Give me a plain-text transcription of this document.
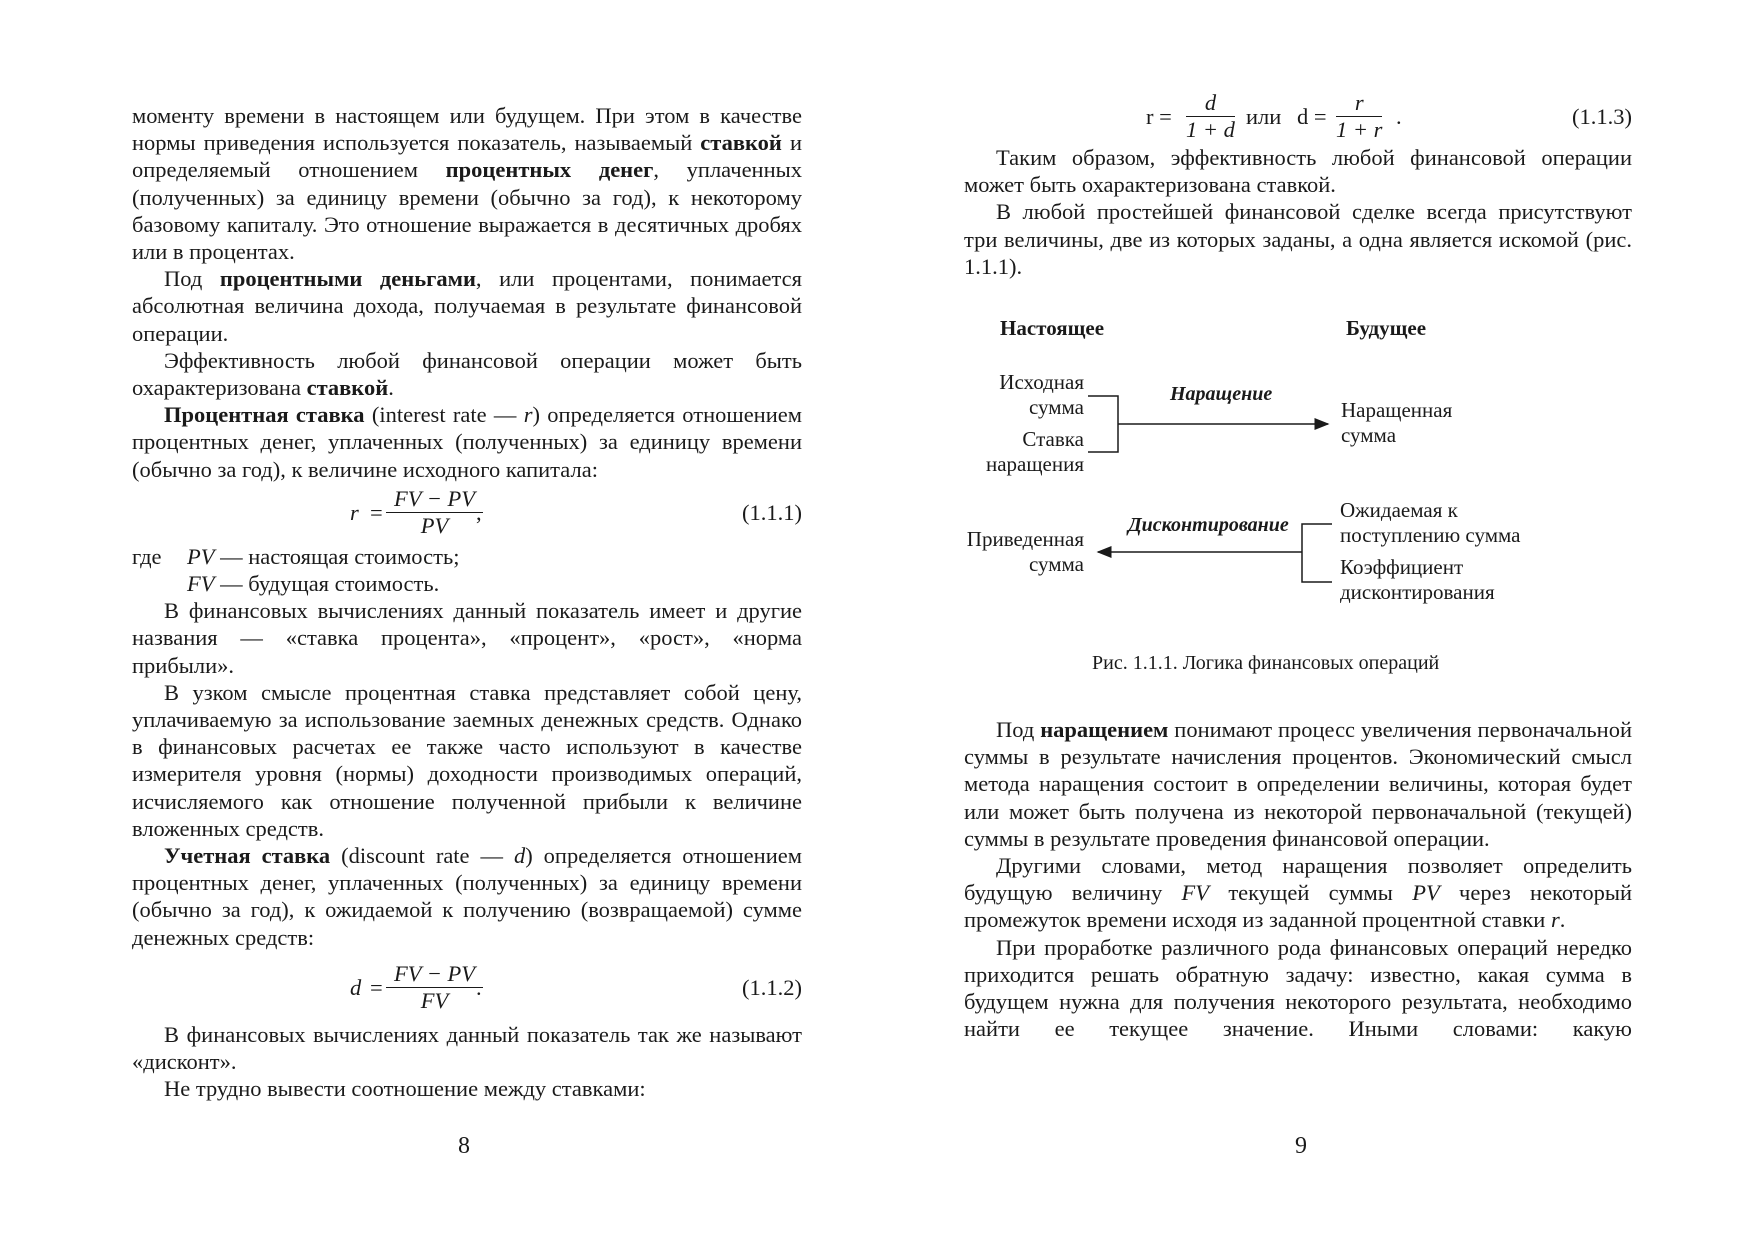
моменту времени в настоящем или будущем. При этом в качестве нормы приведения используется показатель, называемый ставкой и определяемый отношением процентных денег, уплаченных (полученных) за единицу времени (обычно за год), к некоторому базовому капиталу. Это отношение выражается в десятичных дробях или в процентах.

Под процентными деньгами, или процентами, понимается абсолютная величина дохода, получаемая в результате финансовой операции.

Эффективность любой финансовой операции может быть охарактеризована ставкой.

Процентная ставка (interest rate — r) определяется отношением процентных денег, уплаченных (полученных) за единицу времени (обычно за год), к величине исходного капитала:

$r = \frac{FV - PV}{PV}$
,	(1.1.1)
где PV — настоящая стоимость;
FV — будущая стоимость.

В финансовых вычислениях данный показатель имеет и другие названия — «ставка процента», «процент», «рост», «норма прибыли».

В узком смысле процентная ставка представляет собой цену, уплачиваемую за использование заемных денежных средств. Однако в финансовых расчетах ее также часто используют в качестве измерителя уровня (нормы) доходности производимых операций, исчисляемого как отношение полученной прибыли к величине вложенных средств.

Учетная ставка (discount rate — d) определяется отношением процентных денег, уплаченных (полученных) за единицу времени (обычно за год), к ожидаемой к получению (возвращаемой) сумме денежных средств:

$d = \frac{FV - PV}{FV}$
.	(1.1.2)

В финансовых вычислениях данный показатель так же называют «дисконт».

Не трудно вывести соотношение между ставками:

8
$r = \frac{d}{1 + d}$ или $d = \frac{r}{1 + r}$ .	(1.1.3)

Таким образом, эффективность любой финансовой операции может быть охарактеризована ставкой.

В любой простейшей финансовой сделке всегда присутствуют три величины, две из которых заданы, а одна является искомой (рис. 1.1.1).

Настоящее	Будущее
Исходная
сумма
Ставка
наращения
Наращение
Наращенная
сумма
Ожидаемая к
поступлению сумма
Коэффициент
дисконтирования
Дисконтирование
Приведенная
сумма
Рис. 1.1.1. Логика финансовых операций

Под наращением понимают процесс увеличения первоначальной суммы в результате начисления процентов. Экономический смысл метода наращения состоит в определении величины, которая будет или может быть получена из некоторой первоначальной (текущей) суммы в результате проведения финансовой операции.

Другими словами, метод наращения позволяет определить будущую величину FV текущей суммы PV через некоторый промежуток времени исходя из заданной процентной ставки r.

При проработке различного рода финансовых операций нередко приходится решать обратную задачу: известно, какая сумма в будущем нужна для получения некоторого результата, необходимо найти ее текущее значение. Иными словами: какую

9
